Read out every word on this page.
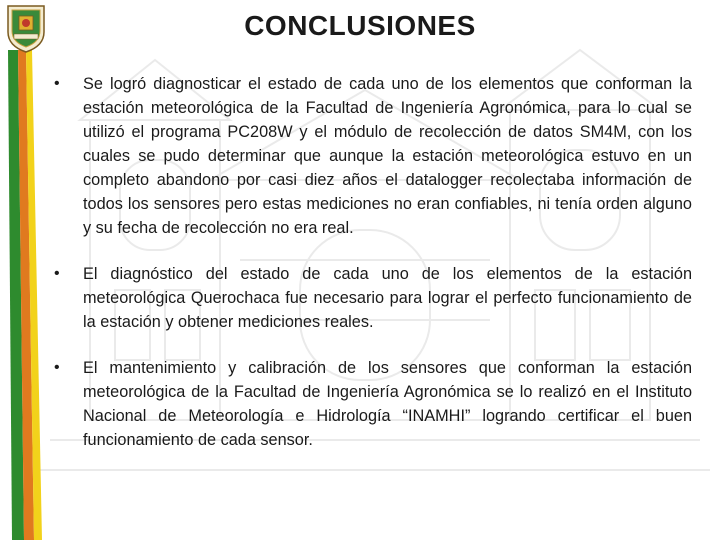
CONCLUSIONES
• Se logró diagnosticar el estado de cada uno de los elementos que conforman la estación meteorológica de la Facultad de Ingeniería Agronómica, para lo cual se utilizó el programa PC208W y el módulo de recolección de datos SM4M, con los cuales se pudo determinar que aunque la estación meteorológica estuvo en un completo abandono por casi diez años el datalogger recolectaba información de todos los sensores pero estas mediciones no eran confiables, ni tenía orden alguno y su fecha de recolección no era real.
• El diagnóstico del estado de cada uno de los elementos de la estación meteorológica Querochaca fue necesario para lograr el perfecto funcionamiento de la estación y obtener mediciones reales.
• El mantenimiento y calibración de los sensores que conforman la estación meteorológica de la Facultad de Ingeniería Agronómica se lo realizó en el Instituto Nacional de Meteorología e Hidrología “INAMHI” logrando certificar el buen funcionamiento de cada sensor.
